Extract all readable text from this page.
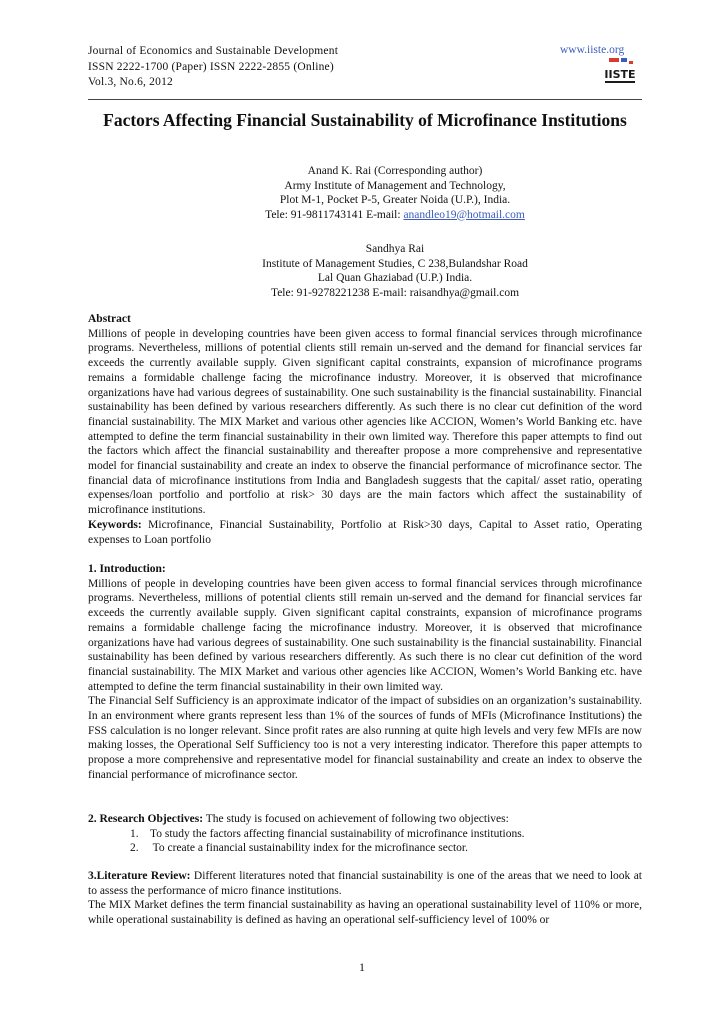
Journal of Economics and Sustainable Development
ISSN 2222-1700 (Paper) ISSN 2222-2855 (Online)
Vol.3, No.6, 2012
www.iiste.org
IISTE
Factors Affecting Financial Sustainability of Microfinance Institutions
Anand K. Rai (Corresponding author)
Army Institute of Management and Technology,
Plot M-1, Pocket P-5, Greater Noida (U.P.), India.
Tele: 91-9811743141 E-mail: anandleo19@hotmail.com
Sandhya Rai
Institute of Management Studies, C 238,Bulandshar Road
Lal Quan Ghaziabad (U.P.) India.
Tele: 91-9278221238 E-mail: raisandhya@gmail.com

Abstract

Millions of people in developing countries have been given access to formal financial services through microfinance programs. Nevertheless, millions of potential clients still remain un-served and the demand for financial services far exceeds the currently available supply. Given significant capital constraints, expansion of microfinance programs remains a formidable challenge facing the microfinance industry. Moreover, it is observed that microfinance organizations have had various degrees of sustainability. One such sustainability is the financial sustainability. Financial sustainability has been defined by various researchers differently. As such there is no clear cut definition of the word financial sustainability. The MIX Market and various other agencies like ACCION, Women’s World Banking etc. have attempted to define the term financial sustainability in their own limited way. Therefore this paper attempts to find out the factors which affect the financial sustainability and thereafter propose a more comprehensive and representative model for financial sustainability and create an index to observe the financial performance of microfinance sector. The financial data of microfinance institutions from India and Bangladesh suggests that the capital/ asset ratio, operating expenses/loan portfolio and portfolio at risk> 30 days are the main factors which affect the sustainability of microfinance institutions.

Keywords: Microfinance, Financial Sustainability, Portfolio at Risk>30 days, Capital to Asset ratio, Operating expenses to Loan portfolio

1. Introduction:

Millions of people in developing countries have been given access to formal financial services through microfinance programs. Nevertheless, millions of potential clients still remain un-served and the demand for financial services far exceeds the currently available supply. Given significant capital constraints, expansion of microfinance programs remains a formidable challenge facing the microfinance industry. Moreover, it is observed that microfinance organizations have had various degrees of sustainability. One such sustainability is the financial sustainability. Financial sustainability has been defined by various researchers differently. As such there is no clear cut definition of the word financial sustainability. The MIX Market and various other agencies like ACCION, Women’s World Banking etc. have attempted to define the term financial sustainability in their own limited way.

The Financial Self Sufficiency is an approximate indicator of the impact of subsidies on an organization’s sustainability. In an environment where grants represent less than 1% of the sources of funds of MFIs (Microfinance Institutions) the FSS calculation is no longer relevant. Since profit rates are also running at quite high levels and very few MFIs are now making losses, the Operational Self Sufficiency too is not a very interesting indicator. Therefore this paper attempts to propose a more comprehensive and representative model for financial sustainability and create an index to observe the financial performance of microfinance sector.

2. Research Objectives: The study is focused on achievement of following two objectives:

1. To study the factors affecting financial sustainability of microfinance institutions.
2. To create a financial sustainability index for the microfinance sector.

3.Literature Review: Different literatures noted that financial sustainability is one of the areas that we need to look at to assess the performance of micro finance institutions.

The MIX Market defines the term financial sustainability as having an operational sustainability level of 110% or more, while operational sustainability is defined as having an operational self-sufficiency level of 100% or

1
